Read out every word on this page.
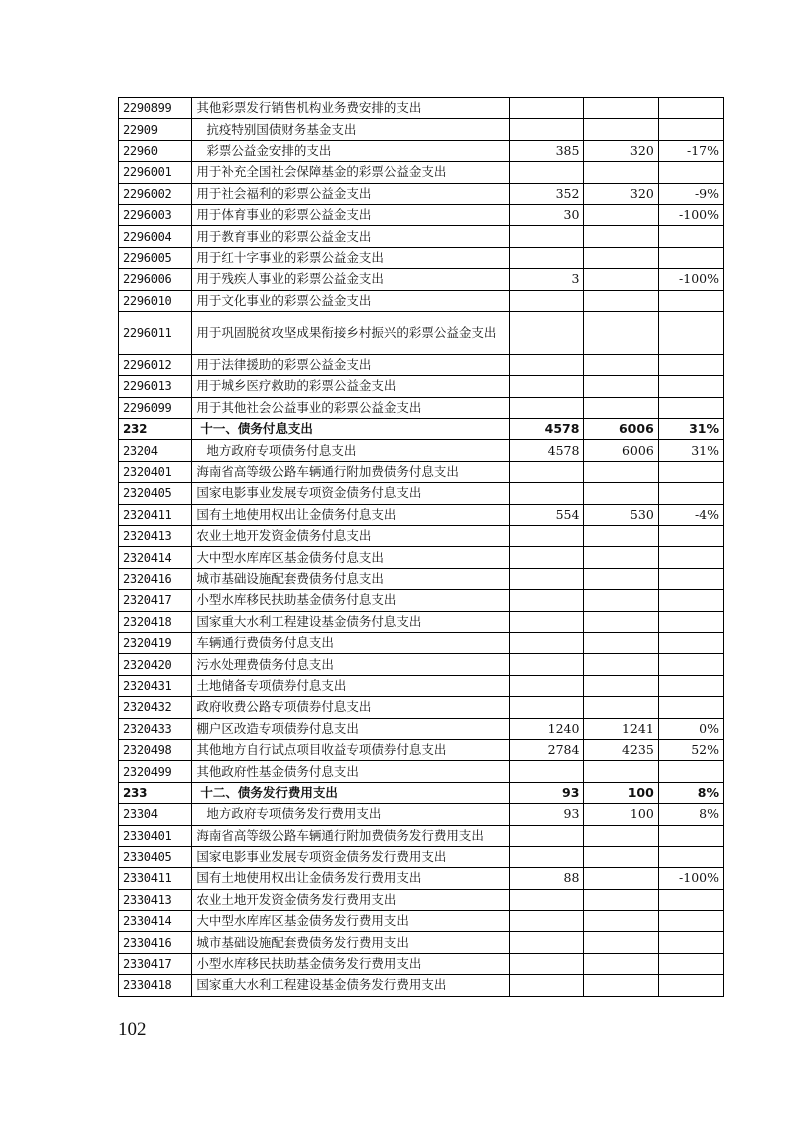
2290899	其他彩票发行销售机构业务费安排的支出			
22909	抗疫特别国债财务基金支出			
22960	彩票公益金安排的支出	385	320	-17%
2296001	用于补充全国社会保障基金的彩票公益金支出			
2296002	用于社会福利的彩票公益金支出	352	320	-9%
2296003	用于体育事业的彩票公益金支出	30		-100%
2296004	用于教育事业的彩票公益金支出			
2296005	用于红十字事业的彩票公益金支出			
2296006	用于残疾人事业的彩票公益金支出	3		-100%
2296010	用于文化事业的彩票公益金支出			
2296011	用于巩固脱贫攻坚成果衔接乡村振兴的彩票公益金支出			
2296012	用于法律援助的彩票公益金支出			
2296013	用于城乡医疗救助的彩票公益金支出			
2296099	用于其他社会公益事业的彩票公益金支出			
232	十一、债务付息支出	4578	6006	31%
23204	地方政府专项债务付息支出	4578	6006	31%
2320401	海南省高等级公路车辆通行附加费债务付息支出			
2320405	国家电影事业发展专项资金债务付息支出			
2320411	国有土地使用权出让金债务付息支出	554	530	-4%
2320413	农业土地开发资金债务付息支出			
2320414	大中型水库库区基金债务付息支出			
2320416	城市基础设施配套费债务付息支出			
2320417	小型水库移民扶助基金债务付息支出			
2320418	国家重大水利工程建设基金债务付息支出			
2320419	车辆通行费债务付息支出			
2320420	污水处理费债务付息支出			
2320431	土地储备专项债券付息支出			
2320432	政府收费公路专项债券付息支出			
2320433	棚户区改造专项债券付息支出	1240	1241	0%
2320498	其他地方自行试点项目收益专项债券付息支出	2784	4235	52%
2320499	其他政府性基金债务付息支出			
233	十二、债务发行费用支出	93	100	8%
23304	地方政府专项债务发行费用支出	93	100	8%
2330401	海南省高等级公路车辆通行附加费债务发行费用支出			
2330405	国家电影事业发展专项资金债务发行费用支出			
2330411	国有土地使用权出让金债务发行费用支出	88		-100%
2330413	农业土地开发资金债务发行费用支出			
2330414	大中型水库库区基金债务发行费用支出			
2330416	城市基础设施配套费债务发行费用支出			
2330417	小型水库移民扶助基金债务发行费用支出			
2330418	国家重大水利工程建设基金债务发行费用支出			
102
